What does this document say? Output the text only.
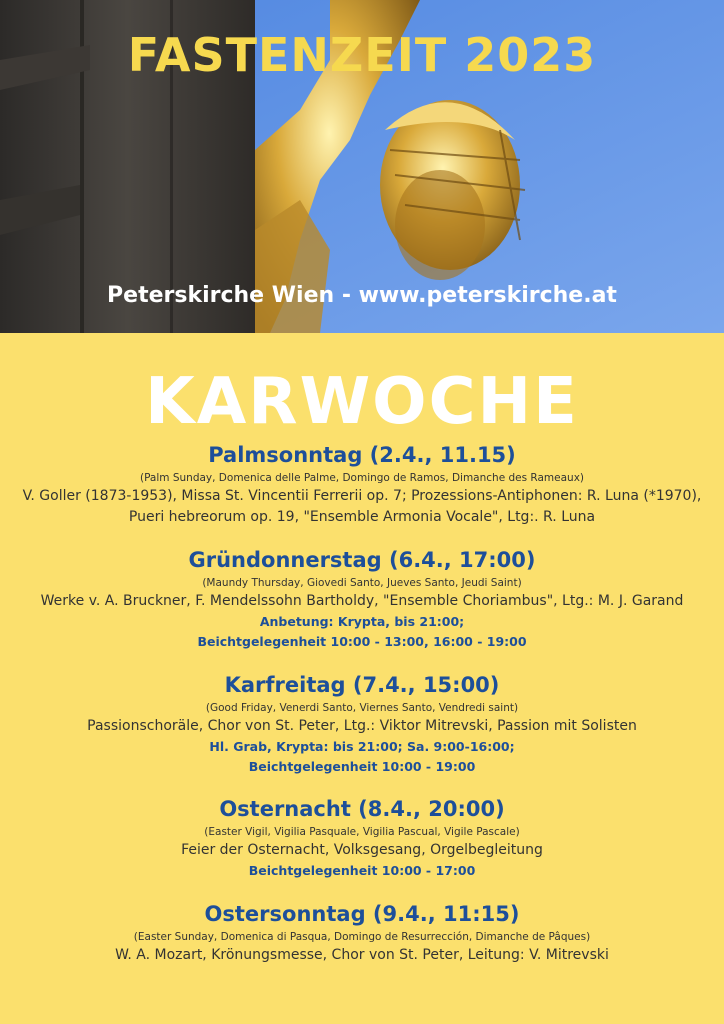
FASTENZEIT 2023
Peterskirche Wien - www.peterskirche.at
KARWOCHE
Palmsonntag (2.4., 11.15)
(Palm Sunday, Domenica delle Palme, Domingo de Ramos, Dimanche des Rameaux)
V. Goller (1873-1953), Missa St. Vincentii Ferrerii op. 7; Prozessions-Antiphonen: R. Luna (*1970),
Pueri hebreorum op. 19, "Ensemble Armonia Vocale", Ltg:. R. Luna
Gründonnerstag (6.4., 17:00)
(Maundy Thursday, Giovedi Santo, Jueves Santo, Jeudi Saint)
Werke v. A. Bruckner, F. Mendelssohn Bartholdy, "Ensemble Choriambus", Ltg.: M. J. Garand
Anbetung: Krypta, bis 21:00;
Beichtgelegenheit 10:00 - 13:00, 16:00 - 19:00
Karfreitag (7.4., 15:00)
(Good Friday, Venerdi Santo, Viernes Santo, Vendredi saint)
Passionschoräle, Chor von St. Peter, Ltg.: Viktor Mitrevski, Passion mit Solisten
Hl. Grab, Krypta: bis 21:00; Sa. 9:00-16:00;
Beichtgelegenheit 10:00 - 19:00
Osternacht (8.4., 20:00)
(Easter Vigil, Vigilia Pasquale, Vigilia Pascual, Vigile Pascale)
Feier der Osternacht, Volksgesang, Orgelbegleitung
Beichtgelegenheit 10:00 - 17:00
Ostersonntag (9.4., 11:15)
(Easter Sunday, Domenica di Pasqua, Domingo de Resurrección, Dimanche de Pâques)
W. A. Mozart, Krönungsmesse, Chor von St. Peter, Leitung: V. Mitrevski
